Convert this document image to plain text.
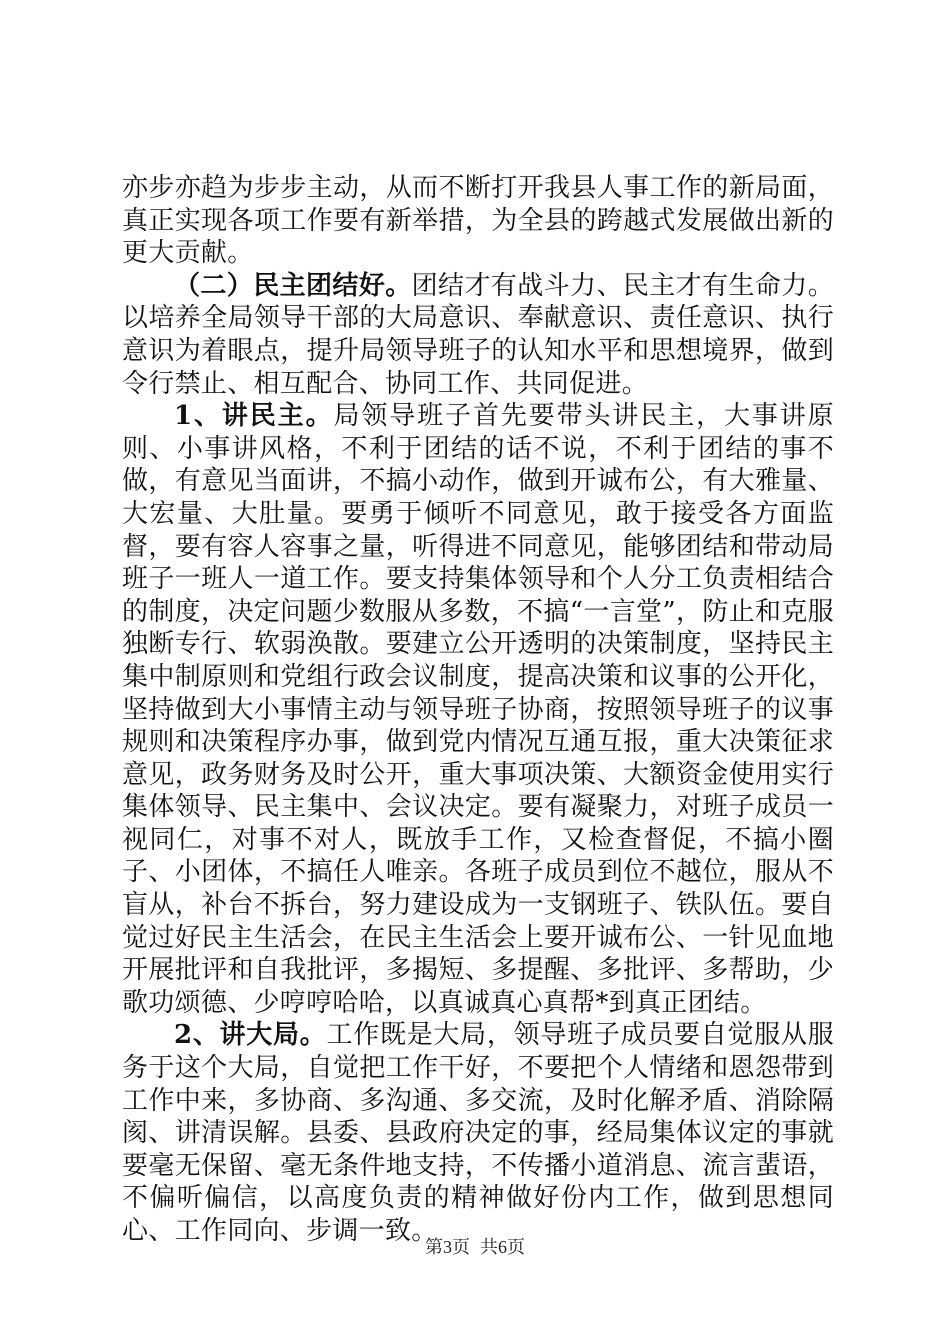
亦步亦趋为步步主动，从而不断打开我县人事工作的新局面，真正实现各项工作要有新举措，为全县的跨越式发展做出新的更大贡献。

（二）民主团结好。团结才有战斗力、民主才有生命力。以培养全局领导干部的大局意识、奉献意识、责任意识、执行意识为着眼点，提升局领导班子的认知水平和思想境界，做到令行禁止、相互配合、协同工作、共同促进。

1、讲民主。局领导班子首先要带头讲民主，大事讲原则、小事讲风格，不利于团结的话不说，不利于团结的事不做，有意见当面讲，不搞小动作，做到开诚布公，有大雅量、大宏量、大肚量。要勇于倾听不同意见，敢于接受各方面监督，要有容人容事之量，听得进不同意见，能够团结和带动局班子一班人一道工作。要支持集体领导和个人分工负责相结合的制度，决定问题少数服从多数，不搞“一言堂”，防止和克服独断专行、软弱涣散。要建立公开透明的决策制度，坚持民主集中制原则和党组行政会议制度，提高决策和议事的公开化，坚持做到大小事情主动与领导班子协商，按照领导班子的议事规则和决策程序办事，做到党内情况互通互报，重大决策征求意见，政务财务及时公开，重大事项决策、大额资金使用实行集体领导、民主集中、会议决定。要有凝聚力，对班子成员一视同仁，对事不对人，既放手工作，又检查督促，不搞小圈子、小团体，不搞任人唯亲。各班子成员到位不越位，服从不盲从，补台不拆台，努力建设成为一支钢班子、铁队伍。要自觉过好民主生活会，在民主生活会上要开诚布公、一针见血地开展批评和自我批评，多揭短、多提醒、多批评、多帮助，少歌功颂德、少哼哼哈哈，以真诚真心真帮*到真正团结。

2、讲大局。工作既是大局，领导班子成员要自觉服从服务于这个大局，自觉把工作干好，不要把个人情绪和恩怨带到工作中来，多协商、多沟通、多交流，及时化解矛盾、消除隔阂、讲清误解。县委、县政府决定的事，经局集体议定的事就要毫无保留、毫无条件地支持，不传播小道消息、流言蜚语，不偏听偏信，以高度负责的精神做好份内工作，做到思想同心、工作同向、步调一致。

第3页 共6页
